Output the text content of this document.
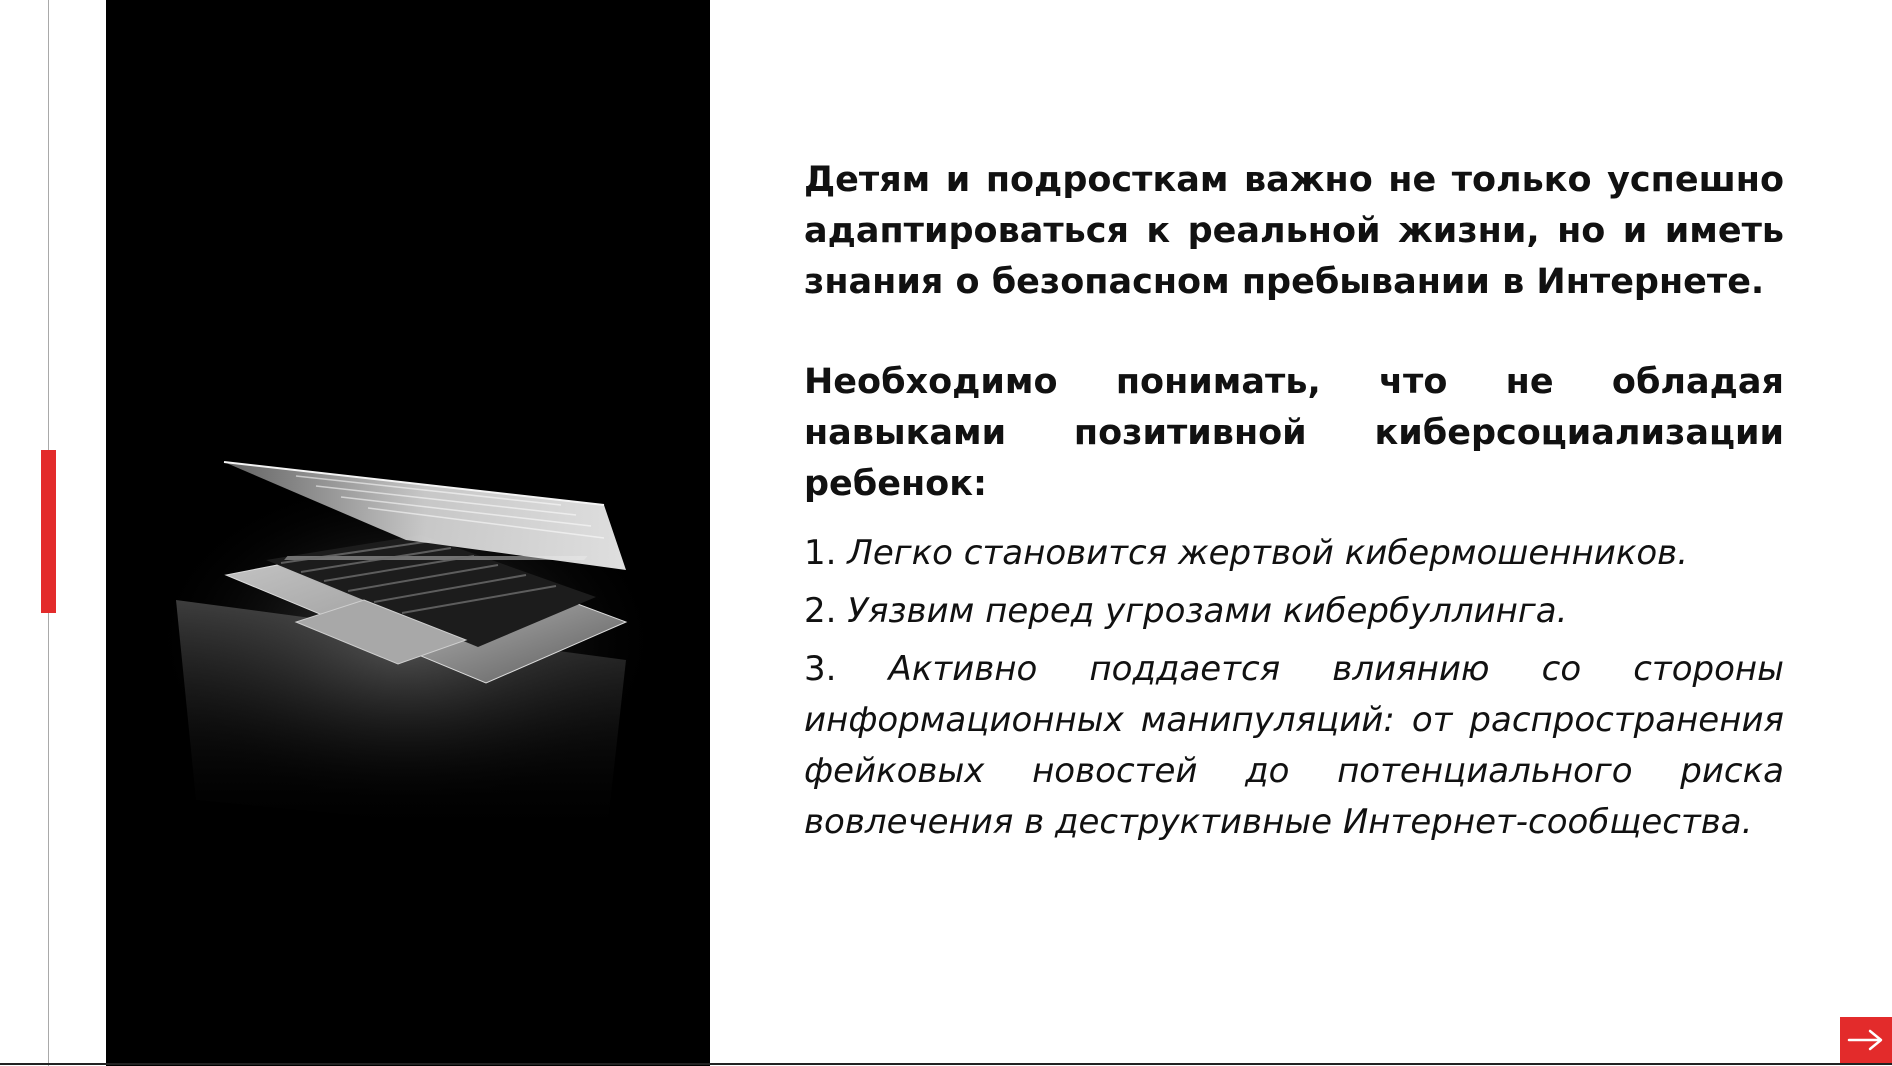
Детям и подросткам важно не только успешно адаптироваться к реальной жизни, но и иметь знания о безопасном пребывании в Интернете.

Необходимо понимать, что не обладая навыками позитивной киберсоциализации ребенок:

1. Легко становится жертвой кибермошенников.
2. Уязвим перед угрозами кибербуллинга.
3. Активно поддается влиянию со стороны информационных манипуляций: от распространения фейковых новостей до потенциального риска вовлечения в деструктивные Интернет-сообщества.
